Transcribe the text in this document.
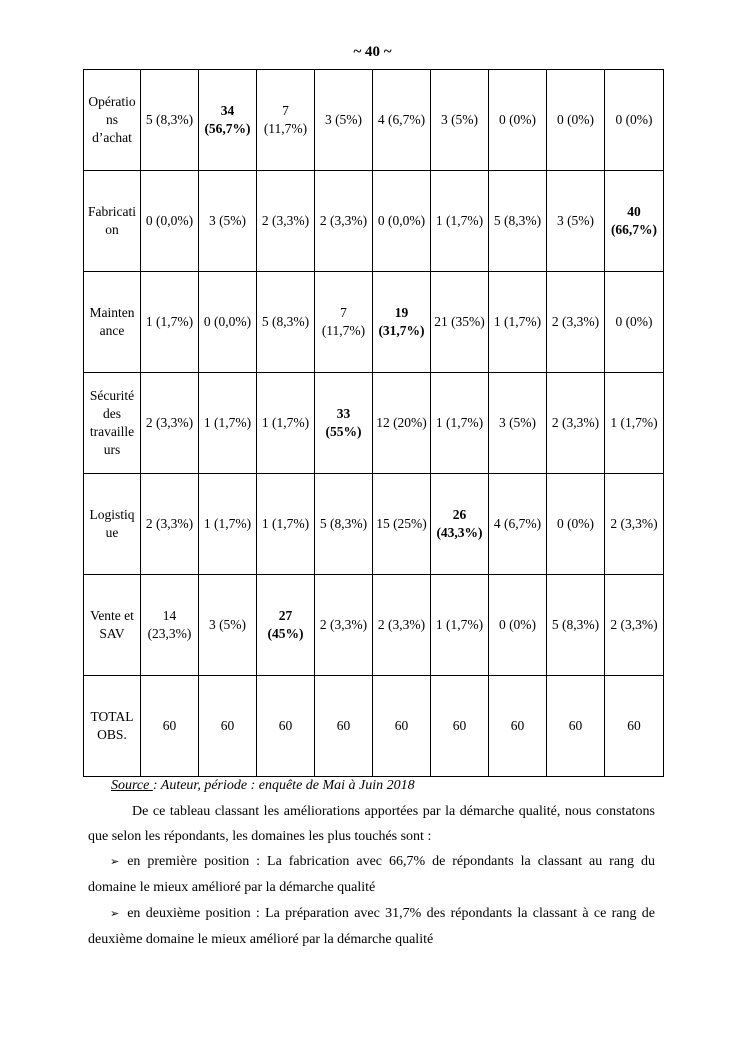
~ 40 ~
Opérations d’achat	5 (8,3%)	34 (56,7%)	7 (11,7%)	3 (5%)	4 (6,7%)	3 (5%)	0 (0%)	0 (0%)	0 (0%)
Fabrication	0 (0,0%)	3 (5%)	2 (3,3%)	2 (3,3%)	0 (0,0%)	1 (1,7%)	5 (8,3%)	3 (5%)	40 (66,7%)
Maintenance	1 (1,7%)	0 (0,0%)	5 (8,3%)	7 (11,7%)	19 (31,7%)	21 (35%)	1 (1,7%)	2 (3,3%)	0 (0%)
Sécurité des travailleurs	2 (3,3%)	1 (1,7%)	1 (1,7%)	33 (55%)	12 (20%)	1 (1,7%)	3 (5%)	2 (3,3%)	1 (1,7%)
Logistique	2 (3,3%)	1 (1,7%)	1 (1,7%)	5 (8,3%)	15 (25%)	26 (43,3%)	4 (6,7%)	0 (0%)	2 (3,3%)
Vente et SAV	14 (23,3%)	3 (5%)	27 (45%)	2 (3,3%)	2 (3,3%)	1 (1,7%)	0 (0%)	5 (8,3%)	2 (3,3%)
TOTAL OBS.	60	60	60	60	60	60	60	60	60
Source : Auteur, période : enquête de Mai à Juin 2018

De ce tableau classant les améliorations apportées par la démarche qualité, nous constatons que selon les répondants, les domaines les plus touchés sont :

➢ en première position : La fabrication avec 66,7% de répondants la classant au rang du domaine le mieux amélioré par la démarche qualité

➢ en deuxième position : La préparation avec 31,7% des répondants la classant à ce rang de deuxième domaine le mieux amélioré par la démarche qualité
